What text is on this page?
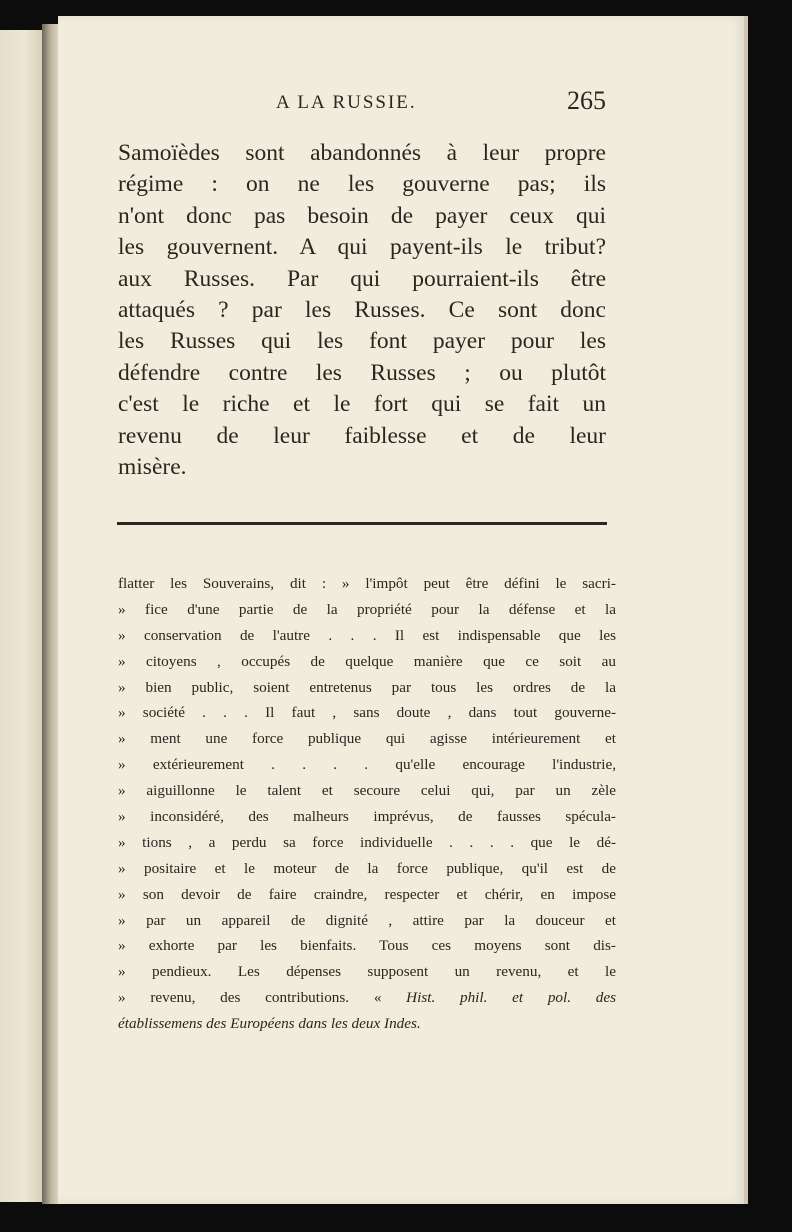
A LA RUSSIE.	265
Samoïèdes sont abandonnés à leur propre
régime : on ne les gouverne pas; ils
n'ont donc pas besoin de payer ceux qui
les gouvernent. A qui payent-ils le tribut?
aux Russes. Par qui pourraient-ils être
attaqués ? par les Russes. Ce sont donc
les Russes qui les font payer pour les
défendre contre les Russes ; ou plutôt
c'est le riche et le fort qui se fait un
revenu de leur faiblesse et de leur
misère.
flatter les Souverains, dit : » l'impôt peut être défini le sacri-
» fice d'une partie de la propriété pour la défense et la
» conservation de l'autre . . . Il est indispensable que les
» citoyens , occupés de quelque manière que ce soit au
» bien public, soient entretenus par tous les ordres de la
» société . . . Il faut , sans doute , dans tout gouverne-
» ment une force publique qui agisse intérieurement et
» extérieurement . . . . qu'elle encourage l'industrie,
» aiguillonne le talent et secoure celui qui, par un zèle
» inconsidéré, des malheurs imprévus, de fausses spécula-
» tions , a perdu sa force individuelle . . . . que le dé-
» positaire et le moteur de la force publique, qu'il est de
» son devoir de faire craindre, respecter et chérir, en impose
» par un appareil de dignité , attire par la douceur et
» exhorte par les bienfaits. Tous ces moyens sont dis-
» pendieux. Les dépenses supposent un revenu, et le
» revenu, des contributions. « Hist. phil. et pol. des
établissemens des Européens dans les deux Indes.
